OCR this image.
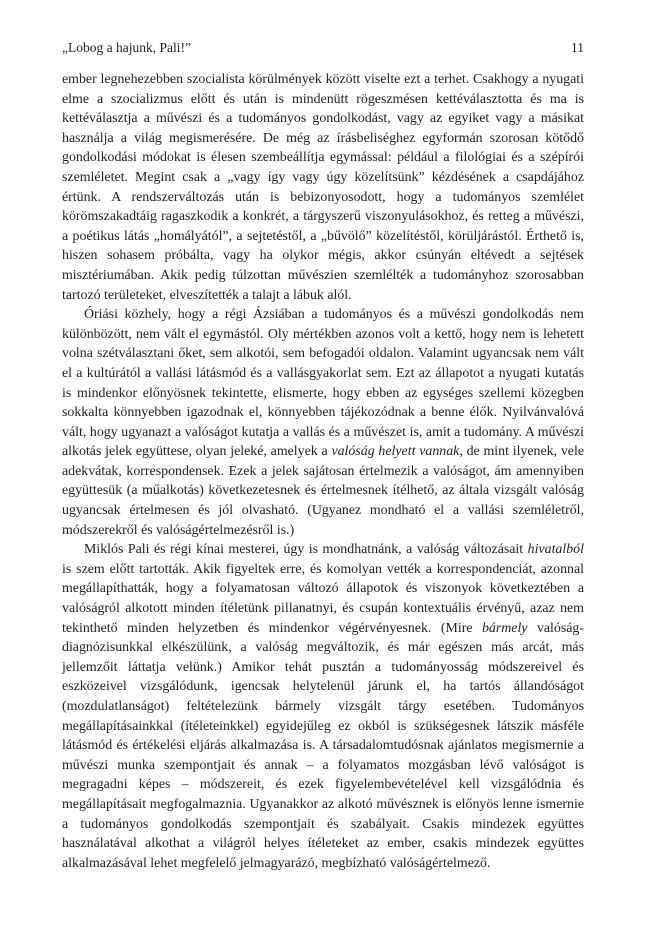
„Lobog a hajunk, Pali!”	11

ember legnehezebben szocialista körülmények között viselte ezt a terhet. Csakhogy a nyugati elme a szocializmus előtt és után is mindenütt rögeszmésen kettéválasztotta és ma is kettéválasztja a művészi és a tudományos gondolkodást, vagy az egyiket vagy a másikat használja a világ megismerésére. De még az írásbeliséghez egyformán szorosan kötődő gondolkodási módokat is élesen szembeállítja egymással: például a filológiai és a szépírói szemléletet. Megint csak a „vagy így vagy úgy közelítsünk” kézdésének a csapdájához értünk. A rendszerváltozás után is bebizonyosodott, hogy a tudományos szemlélet körömszakadtáig ragaszkodik a konkrét, a tárgyszerű viszonyulásokhoz, és retteg a művészi, a poétikus látás „homályától”, a sejtetéstől, a „bűvölő” közelítéstől, körüljárástól. Érthető is, hiszen sohasem próbálta, vagy ha olykor mégis, akkor csúnyán eltévedt a sejtések misztériumában. Akik pedig túlzottan művészien szemlélték a tudományhoz szorosabban tartozó területeket, elveszítették a talajt a lábuk alól.

Óriási közhely, hogy a régi Ázsiában a tudományos és a művészi gondolkodás nem különbözött, nem vált el egymástól. Oly mértékben azonos volt a kettő, hogy nem is lehetett volna szétválasztani őket, sem alkotói, sem befogadói oldalon. Valamint ugyancsak nem vált el a kultúrától a vallási látásmód és a vallásgyakorlat sem. Ezt az állapotot a nyugati kutatás is mindenkor előnyösnek tekintette, elismerte, hogy ebben az egységes szellemi közegben sokkalta könnyebben igazodnak el, könnyebben tájékozódnak a benne élők. Nyilvánvalóvá vált, hogy ugyanazt a valóságot kutatja a vallás és a művészet is, amit a tudomány. A művészi alkotás jelek együttese, olyan jeleké, amelyek a valóság helyett vannak, de mint ilyenek, vele adekvátak, korrespondensek. Ezek a jelek sajátosan értelmezik a valóságot, ám amennyiben együttesük (a műalkotás) következetesnek és értelmesnek ítélhető, az általa vizsgált valóság ugyancsak értelmesen és jól olvasható. (Ugyanez mondható el a vallási szemléletről, módszerekről és valóságértelmezésről is.)

Miklós Pali és régi kínai mesterei, úgy is mondhatnánk, a valóság változásait hivatalból is szem előtt tartották. Akik figyeltek erre, és komolyan vették a korrespondenciát, azonnal megállapíthatták, hogy a folyamatosan változó állapotok és viszonyok következtében a valóságról alkotott minden ítéletünk pillanatnyi, és csupán kontextuális érvényű, azaz nem tekinthető minden helyzetben és mindenkor végérvényesnek. (Mire bármely valóság-diagnózisunkkal elkészülünk, a valóság megváltozik, és már egészen más arcát, más jellemzőit láttatja velünk.) Amikor tehát pusztán a tudományosság módszereivel és eszközeivel vizsgálódunk, igencsak helytelenül járunk el, ha tartós állandóságot (mozdulatlanságot) feltételezünk bármely vizsgált tárgy esetében. Tudományos megállapításainkkal (ítéleteinkkel) egyidejűleg ez okból is szükségesnek látszik másféle látásmód és értékelési eljárás alkalmazása is. A társadalomtudósnak ajánlatos megismernie a művészi munka szempontjait és annak – a folyamatos mozgásban lévő valóságot is megragadni képes – módszereit, és ezek figyelembevételével kell vizsgálódnia és megállapításait megfogalmaznia. Ugyanakkor az alkotó művésznek is előnyös lenne ismernie a tudományos gondolkodás szempontjait és szabályait. Csakis mindezek együttes használatával alkothat a világról helyes ítéleteket az ember, csakis mindezek együttes alkalmazásával lehet megfelelő jelmagyarázó, megbízható valóságértelmező.
